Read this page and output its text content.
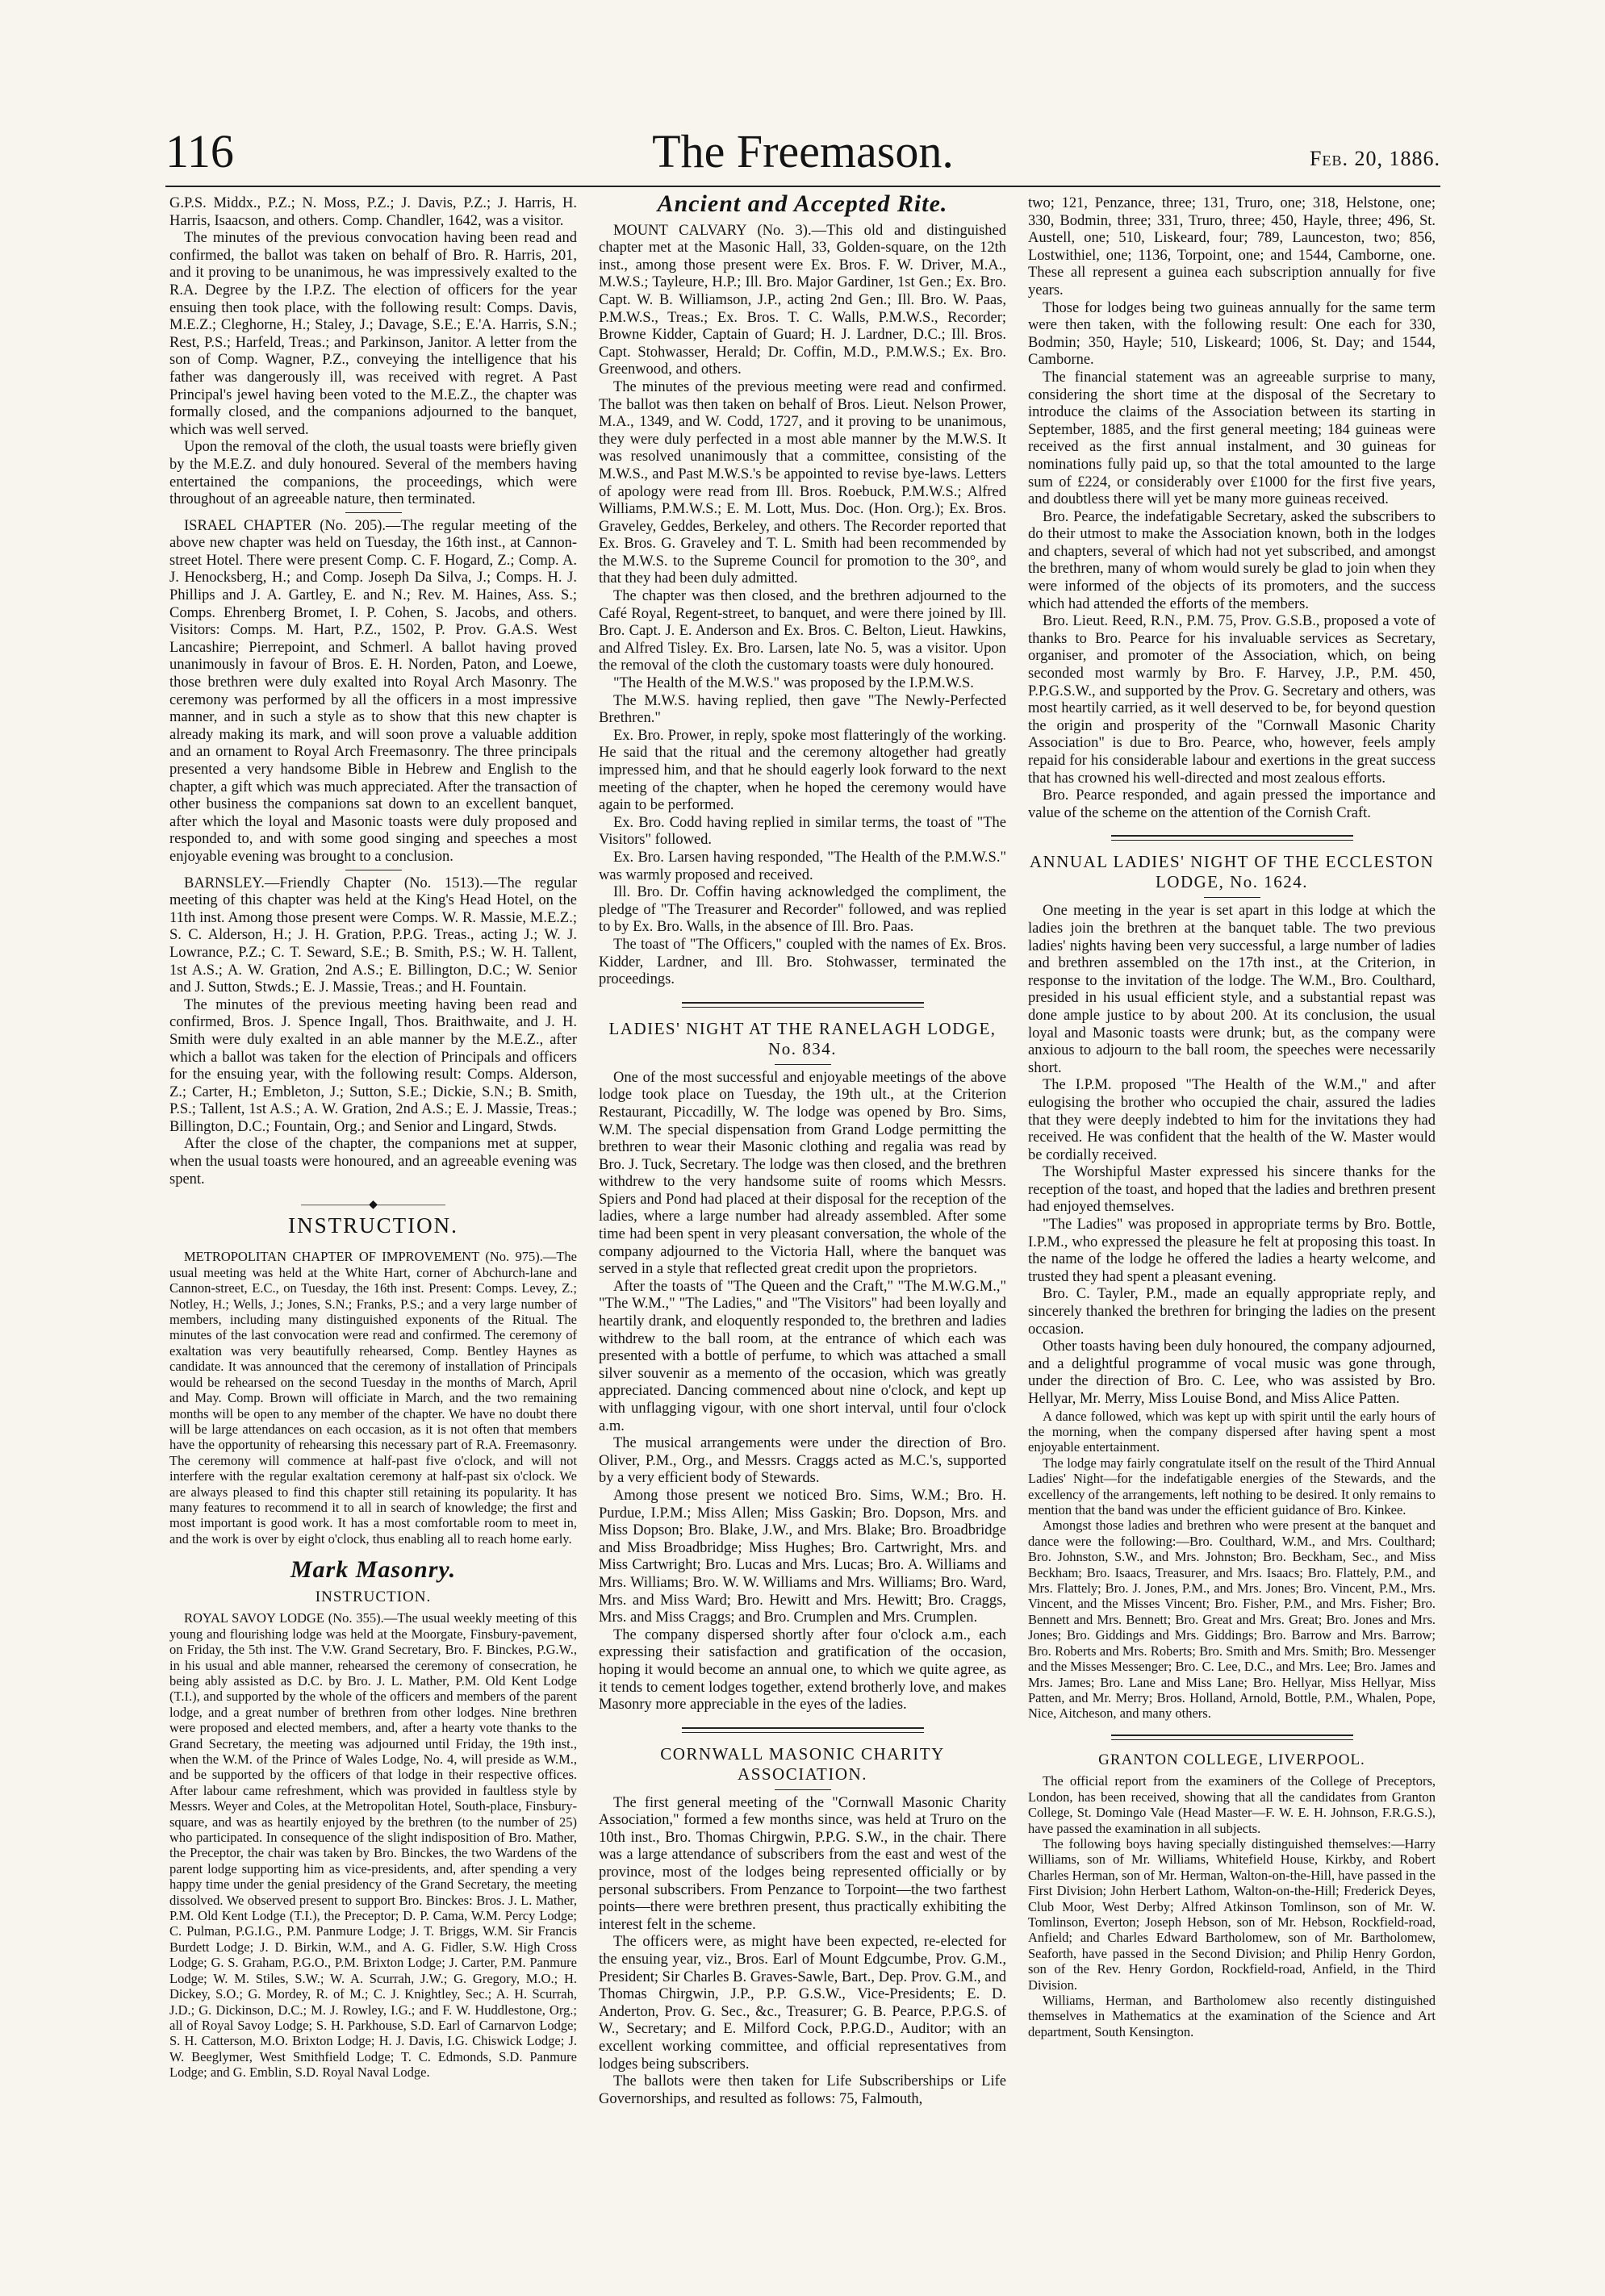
116	The Freemason.	Feb. 20, 1886.

G.P.S. Middx., P.Z.; N. Moss, P.Z.; J. Davis, P.Z.; J. Harris, H. Harris, Isaacson, and others. Comp. Chandler, 1642, was a visitor.

The minutes of the previous convocation having been read and confirmed, the ballot was taken on behalf of Bro. R. Harris, 201, and it proving to be unanimous, he was impressively exalted to the R.A. Degree by the I.P.Z. The election of officers for the year ensuing then took place, with the following result: Comps. Davis, M.E.Z.; Cleghorne, H.; Staley, J.; Davage, S.E.; E.'A. Harris, S.N.; Rest, P.S.; Harfeld, Treas.; and Parkinson, Janitor. A letter from the son of Comp. Wagner, P.Z., conveying the intelligence that his father was dangerously ill, was received with regret. A Past Principal's jewel having been voted to the M.E.Z., the chapter was formally closed, and the companions adjourned to the banquet, which was well served.

Upon the removal of the cloth, the usual toasts were briefly given by the M.E.Z. and duly honoured. Several of the members having entertained the companions, the proceedings, which were throughout of an agreeable nature, then terminated.

ISRAEL CHAPTER (No. 205).—The regular meeting of the above new chapter was held on Tuesday, the 16th inst., at Cannon-street Hotel. There were present Comp. C. F. Hogard, Z.; Comp. A. J. Henocksberg, H.; and Comp. Joseph Da Silva, J.; Comps. H. J. Phillips and J. A. Gartley, E. and N.; Rev. M. Haines, Ass. S.; Comps. Ehrenberg Bromet, I. P. Cohen, S. Jacobs, and others. Visitors: Comps. M. Hart, P.Z., 1502, P. Prov. G.A.S. West Lancashire; Pierrepoint, and Schmerl. A ballot having proved unanimously in favour of Bros. E. H. Norden, Paton, and Loewe, those brethren were duly exalted into Royal Arch Masonry. The ceremony was performed by all the officers in a most impressive manner, and in such a style as to show that this new chapter is already making its mark, and will soon prove a valuable addition and an ornament to Royal Arch Freemasonry. The three principals presented a very handsome Bible in Hebrew and English to the chapter, a gift which was much appreciated. After the transaction of other business the companions sat down to an excellent banquet, after which the loyal and Masonic toasts were duly proposed and responded to, and with some good singing and speeches a most enjoyable evening was brought to a conclusion.

BARNSLEY.—Friendly Chapter (No. 1513).—The regular meeting of this chapter was held at the King's Head Hotel, on the 11th inst. Among those present were Comps. W. R. Massie, M.E.Z.; S. C. Alderson, H.; J. H. Gration, P.P.G. Treas., acting J.; W. J. Lowrance, P.Z.; C. T. Seward, S.E.; B. Smith, P.S.; W. H. Tallent, 1st A.S.; A. W. Gration, 2nd A.S.; E. Billington, D.C.; W. Senior and J. Sutton, Stwds.; E. J. Massie, Treas.; and H. Fountain.

The minutes of the previous meeting having been read and confirmed, Bros. J. Spence Ingall, Thos. Braithwaite, and J. H. Smith were duly exalted in an able manner by the M.E.Z., after which a ballot was taken for the election of Principals and officers for the ensuing year, with the following result: Comps. Alderson, Z.; Carter, H.; Embleton, J.; Sutton, S.E.; Dickie, S.N.; B. Smith, P.S.; Tallent, 1st A.S.; A. W. Gration, 2nd A.S.; E. J. Massie, Treas.; Billington, D.C.; Fountain, Org.; and Senior and Lingard, Stwds.

After the close of the chapter, the companions met at supper, when the usual toasts were honoured, and an agreeable evening was spent.

——————◆——————
INSTRUCTION.

METROPOLITAN CHAPTER OF IMPROVEMENT (No. 975).—The usual meeting was held at the White Hart, corner of Abchurch-lane and Cannon-street, E.C., on Tuesday, the 16th inst. Present: Comps. Levey, Z.; Notley, H.; Wells, J.; Jones, S.N.; Franks, P.S.; and a very large number of members, including many distinguished exponents of the Ritual. The minutes of the last convocation were read and confirmed. The ceremony of exaltation was very beautifully rehearsed, Comp. Bentley Haynes as candidate. It was announced that the ceremony of installation of Principals would be rehearsed on the second Tuesday in the months of March, April and May. Comp. Brown will officiate in March, and the two remaining months will be open to any member of the chapter. We have no doubt there will be large attendances on each occasion, as it is not often that members have the opportunity of rehearsing this necessary part of R.A. Freemasonry. The ceremony will commence at half-past five o'clock, and will not interfere with the regular exaltation ceremony at half-past six o'clock. We are always pleased to find this chapter still retaining its popularity. It has many features to recommend it to all in search of knowledge; the first and most important is good work. It has a most comfortable room to meet in, and the work is over by eight o'clock, thus enabling all to reach home early.

Mark Masonry.
INSTRUCTION.

ROYAL SAVOY LODGE (No. 355).—The usual weekly meeting of this young and flourishing lodge was held at the Moorgate, Finsbury-pavement, on Friday, the 5th inst. The V.W. Grand Secretary, Bro. F. Binckes, P.G.W., in his usual and able manner, rehearsed the ceremony of consecration, he being ably assisted as D.C. by Bro. J. L. Mather, P.M. Old Kent Lodge (T.I.), and supported by the whole of the officers and members of the parent lodge, and a great number of brethren from other lodges. Nine brethren were proposed and elected members, and, after a hearty vote thanks to the Grand Secretary, the meeting was adjourned until Friday, the 19th inst., when the W.M. of the Prince of Wales Lodge, No. 4, will preside as W.M., and be supported by the officers of that lodge in their respective offices. After labour came refreshment, which was provided in faultless style by Messrs. Weyer and Coles, at the Metropolitan Hotel, South-place, Finsbury-square, and was as heartily enjoyed by the brethren (to the number of 25) who participated. In consequence of the slight indisposition of Bro. Mather, the Preceptor, the chair was taken by Bro. Binckes, the two Wardens of the parent lodge supporting him as vice-presidents, and, after spending a very happy time under the genial presidency of the Grand Secretary, the meeting dissolved. We observed present to support Bro. Binckes: Bros. J. L. Mather, P.M. Old Kent Lodge (T.I.), the Preceptor; D. P. Cama, W.M. Percy Lodge; C. Pulman, P.G.I.G., P.M. Panmure Lodge; J. T. Briggs, W.M. Sir Francis Burdett Lodge; J. D. Birkin, W.M., and A. G. Fidler, S.W. High Cross Lodge; G. S. Graham, P.G.O., P.M. Brixton Lodge; J. Carter, P.M. Panmure Lodge; W. M. Stiles, S.W.; W. A. Scurrah, J.W.; G. Gregory, M.O.; H. Dickey, S.O.; G. Mordey, R. of M.; C. J. Knightley, Sec.; A. H. Scurrah, J.D.; G. Dickinson, D.C.; M. J. Rowley, I.G.; and F. W. Huddlestone, Org.; all of Royal Savoy Lodge; S. H. Parkhouse, S.D. Earl of Carnarvon Lodge; S. H. Catterson, M.O. Brixton Lodge; H. J. Davis, I.G. Chiswick Lodge; J. W. Beeglymer, West Smithfield Lodge; T. C. Edmonds, S.D. Panmure Lodge; and G. Emblin, S.D. Royal Naval Lodge.

Ancient and Accepted Rite.

MOUNT CALVARY (No. 3).—This old and distinguished chapter met at the Masonic Hall, 33, Golden-square, on the 12th inst., among those present were Ex. Bros. F. W. Driver, M.A., M.W.S.; Tayleure, H.P.; Ill. Bro. Major Gardiner, 1st Gen.; Ex. Bro. Capt. W. B. Williamson, J.P., acting 2nd Gen.; Ill. Bro. W. Paas, P.M.W.S., Treas.; Ex. Bros. T. C. Walls, P.M.W.S., Recorder; Browne Kidder, Captain of Guard; H. J. Lardner, D.C.; Ill. Bros. Capt. Stohwasser, Herald; Dr. Coffin, M.D., P.M.W.S.; Ex. Bro. Greenwood, and others.

The minutes of the previous meeting were read and confirmed. The ballot was then taken on behalf of Bros. Lieut. Nelson Prower, M.A., 1349, and W. Codd, 1727, and it proving to be unanimous, they were duly perfected in a most able manner by the M.W.S. It was resolved unanimously that a committee, consisting of the M.W.S., and Past M.W.S.'s be appointed to revise bye-laws. Letters of apology were read from Ill. Bros. Roebuck, P.M.W.S.; Alfred Williams, P.M.W.S.; E. M. Lott, Mus. Doc. (Hon. Org.); Ex. Bros. Graveley, Geddes, Berkeley, and others. The Recorder reported that Ex. Bros. G. Graveley and T. L. Smith had been recommended by the M.W.S. to the Supreme Council for promotion to the 30°, and that they had been duly admitted.

The chapter was then closed, and the brethren adjourned to the Café Royal, Regent-street, to banquet, and were there joined by Ill. Bro. Capt. J. E. Anderson and Ex. Bros. C. Belton, Lieut. Hawkins, and Alfred Tisley. Ex. Bro. Larsen, late No. 5, was a visitor. Upon the removal of the cloth the customary toasts were duly honoured.

"The Health of the M.W.S." was proposed by the I.P.M.W.S.

The M.W.S. having replied, then gave "The Newly-Perfected Brethren."

Ex. Bro. Prower, in reply, spoke most flatteringly of the working. He said that the ritual and the ceremony altogether had greatly impressed him, and that he should eagerly look forward to the next meeting of the chapter, when he hoped the ceremony would have again to be performed.

Ex. Bro. Codd having replied in similar terms, the toast of "The Visitors" followed.

Ex. Bro. Larsen having responded, "The Health of the P.M.W.S." was warmly proposed and received.

Ill. Bro. Dr. Coffin having acknowledged the compliment, the pledge of "The Treasurer and Recorder" followed, and was replied to by Ex. Bro. Walls, in the absence of Ill. Bro. Paas.

The toast of "The Officers," coupled with the names of Ex. Bros. Kidder, Lardner, and Ill. Bro. Stohwasser, terminated the proceedings.

LADIES' NIGHT AT THE RANELAGH LODGE, No. 834.

One of the most successful and enjoyable meetings of the above lodge took place on Tuesday, the 19th ult., at the Criterion Restaurant, Piccadilly, W. The lodge was opened by Bro. Sims, W.M. The special dispensation from Grand Lodge permitting the brethren to wear their Masonic clothing and regalia was read by Bro. J. Tuck, Secretary. The lodge was then closed, and the brethren withdrew to the very handsome suite of rooms which Messrs. Spiers and Pond had placed at their disposal for the reception of the ladies, where a large number had already assembled. After some time had been spent in very pleasant conversation, the whole of the company adjourned to the Victoria Hall, where the banquet was served in a style that reflected great credit upon the proprietors.

After the toasts of "The Queen and the Craft," "The M.W.G.M.," "The W.M.," "The Ladies," and "The Visitors" had been loyally and heartily drank, and eloquently responded to, the brethren and ladies withdrew to the ball room, at the entrance of which each was presented with a bottle of perfume, to which was attached a small silver souvenir as a memento of the occasion, which was greatly appreciated. Dancing commenced about nine o'clock, and kept up with unflagging vigour, with one short interval, until four o'clock a.m.

The musical arrangements were under the direction of Bro. Oliver, P.M., Org., and Messrs. Craggs acted as M.C.'s, supported by a very efficient body of Stewards.

Among those present we noticed Bro. Sims, W.M.; Bro. H. Purdue, I.P.M.; Miss Allen; Miss Gaskin; Bro. Dopson, Mrs. and Miss Dopson; Bro. Blake, J.W., and Mrs. Blake; Bro. Broadbridge and Miss Broadbridge; Miss Hughes; Bro. Cartwright, Mrs. and Miss Cartwright; Bro. Lucas and Mrs. Lucas; Bro. A. Williams and Mrs. Williams; Bro. W. W. Williams and Mrs. Williams; Bro. Ward, Mrs. and Miss Ward; Bro. Hewitt and Mrs. Hewitt; Bro. Craggs, Mrs. and Miss Craggs; and Bro. Crumplen and Mrs. Crumplen.

The company dispersed shortly after four o'clock a.m., each expressing their satisfaction and gratification of the occasion, hoping it would become an annual one, to which we quite agree, as it tends to cement lodges together, extend brotherly love, and makes Masonry more appreciable in the eyes of the ladies.

CORNWALL MASONIC CHARITY ASSOCIATION.

The first general meeting of the "Cornwall Masonic Charity Association," formed a few months since, was held at Truro on the 10th inst., Bro. Thomas Chirgwin, P.P.G. S.W., in the chair. There was a large attendance of subscribers from the east and west of the province, most of the lodges being represented officially or by personal subscribers. From Penzance to Torpoint—the two farthest points—there were brethren present, thus practically exhibiting the interest felt in the scheme.

The officers were, as might have been expected, re-elected for the ensuing year, viz., Bros. Earl of Mount Edgcumbe, Prov. G.M., President; Sir Charles B. Graves-Sawle, Bart., Dep. Prov. G.M., and Thomas Chirgwin, J.P., P.P. G.S.W., Vice-Presidents; E. D. Anderton, Prov. G. Sec., &c., Treasurer; G. B. Pearce, P.P.G.S. of W., Secretary; and E. Milford Cock, P.P.G.D., Auditor; with an excellent working committee, and official representatives from lodges being subscribers.

The ballots were then taken for Life Subscriberships or Life Governorships, and resulted as follows: 75, Falmouth,

two; 121, Penzance, three; 131, Truro, one; 318, Helstone, one; 330, Bodmin, three; 331, Truro, three; 450, Hayle, three; 496, St. Austell, one; 510, Liskeard, four; 789, Launceston, two; 856, Lostwithiel, one; 1136, Torpoint, one; and 1544, Camborne, one. These all represent a guinea each subscription annually for five years.

Those for lodges being two guineas annually for the same term were then taken, with the following result: One each for 330, Bodmin; 350, Hayle; 510, Liskeard; 1006, St. Day; and 1544, Camborne.

The financial statement was an agreeable surprise to many, considering the short time at the disposal of the Secretary to introduce the claims of the Association between its starting in September, 1885, and the first general meeting; 184 guineas were received as the first annual instalment, and 30 guineas for nominations fully paid up, so that the total amounted to the large sum of £224, or considerably over £1000 for the first five years, and doubtless there will yet be many more guineas received.

Bro. Pearce, the indefatigable Secretary, asked the subscribers to do their utmost to make the Association known, both in the lodges and chapters, several of which had not yet subscribed, and amongst the brethren, many of whom would surely be glad to join when they were informed of the objects of its promoters, and the success which had attended the efforts of the members.

Bro. Lieut. Reed, R.N., P.M. 75, Prov. G.S.B., proposed a vote of thanks to Bro. Pearce for his invaluable services as Secretary, organiser, and promoter of the Association, which, on being seconded most warmly by Bro. F. Harvey, J.P., P.M. 450, P.P.G.S.W., and supported by the Prov. G. Secretary and others, was most heartily carried, as it well deserved to be, for beyond question the origin and prosperity of the "Cornwall Masonic Charity Association" is due to Bro. Pearce, who, however, feels amply repaid for his considerable labour and exertions in the great success that has crowned his well-directed and most zealous efforts.

Bro. Pearce responded, and again pressed the importance and value of the scheme on the attention of the Cornish Craft.

ANNUAL LADIES' NIGHT OF THE ECCLESTON LODGE, No. 1624.

One meeting in the year is set apart in this lodge at which the ladies join the brethren at the banquet table. The two previous ladies' nights having been very successful, a large number of ladies and brethren assembled on the 17th inst., at the Criterion, in response to the invitation of the lodge. The W.M., Bro. Coulthard, presided in his usual efficient style, and a substantial repast was done ample justice to by about 200. At its conclusion, the usual loyal and Masonic toasts were drunk; but, as the company were anxious to adjourn to the ball room, the speeches were necessarily short.

The I.P.M. proposed "The Health of the W.M.," and after eulogising the brother who occupied the chair, assured the ladies that they were deeply indebted to him for the invitations they had received. He was confident that the health of the W. Master would be cordially received.

The Worshipful Master expressed his sincere thanks for the reception of the toast, and hoped that the ladies and brethren present had enjoyed themselves.

"The Ladies" was proposed in appropriate terms by Bro. Bottle, I.P.M., who expressed the pleasure he felt at proposing this toast. In the name of the lodge he offered the ladies a hearty welcome, and trusted they had spent a pleasant evening.

Bro. C. Tayler, P.M., made an equally appropriate reply, and sincerely thanked the brethren for bringing the ladies on the present occasion.

Other toasts having been duly honoured, the company adjourned, and a delightful programme of vocal music was gone through, under the direction of Bro. C. Lee, who was assisted by Bro. Hellyar, Mr. Merry, Miss Louise Bond, and Miss Alice Patten.

A dance followed, which was kept up with spirit until the early hours of the morning, when the company dispersed after having spent a most enjoyable entertainment.

The lodge may fairly congratulate itself on the result of the Third Annual Ladies' Night—for the indefatigable energies of the Stewards, and the excellency of the arrangements, left nothing to be desired. It only remains to mention that the band was under the efficient guidance of Bro. Kinkee.

Amongst those ladies and brethren who were present at the banquet and dance were the following:—Bro. Coulthard, W.M., and Mrs. Coulthard; Bro. Johnston, S.W., and Mrs. Johnston; Bro. Beckham, Sec., and Miss Beckham; Bro. Isaacs, Treasurer, and Mrs. Isaacs; Bro. Flattely, P.M., and Mrs. Flattely; Bro. J. Jones, P.M., and Mrs. Jones; Bro. Vincent, P.M., Mrs. Vincent, and the Misses Vincent; Bro. Fisher, P.M., and Mrs. Fisher; Bro. Bennett and Mrs. Bennett; Bro. Great and Mrs. Great; Bro. Jones and Mrs. Jones; Bro. Giddings and Mrs. Giddings; Bro. Barrow and Mrs. Barrow; Bro. Roberts and Mrs. Roberts; Bro. Smith and Mrs. Smith; Bro. Messenger and the Misses Messenger; Bro. C. Lee, D.C., and Mrs. Lee; Bro. James and Mrs. James; Bro. Lane and Miss Lane; Bro. Hellyar, Miss Hellyar, Miss Patten, and Mr. Merry; Bros. Holland, Arnold, Bottle, P.M., Whalen, Pope, Nice, Aitcheson, and many others.

GRANTON COLLEGE, LIVERPOOL.

The official report from the examiners of the College of Preceptors, London, has been received, showing that all the candidates from Granton College, St. Domingo Vale (Head Master—F. W. E. H. Johnson, F.R.G.S.), have passed the examination in all subjects.

The following boys having specially distinguished themselves:—Harry Williams, son of Mr. Williams, Whitefield House, Kirkby, and Robert Charles Herman, son of Mr. Herman, Walton-on-the-Hill, have passed in the First Division; John Herbert Lathom, Walton-on-the-Hill; Frederick Deyes, Club Moor, West Derby; Alfred Atkinson Tomlinson, son of Mr. W. Tomlinson, Everton; Joseph Hebson, son of Mr. Hebson, Rockfield-road, Anfield; and Charles Edward Bartholomew, son of Mr. Bartholomew, Seaforth, have passed in the Second Division; and Philip Henry Gordon, son of the Rev. Henry Gordon, Rockfield-road, Anfield, in the Third Division.

Williams, Herman, and Bartholomew also recently distinguished themselves in Mathematics at the examination of the Science and Art department, South Kensington.
